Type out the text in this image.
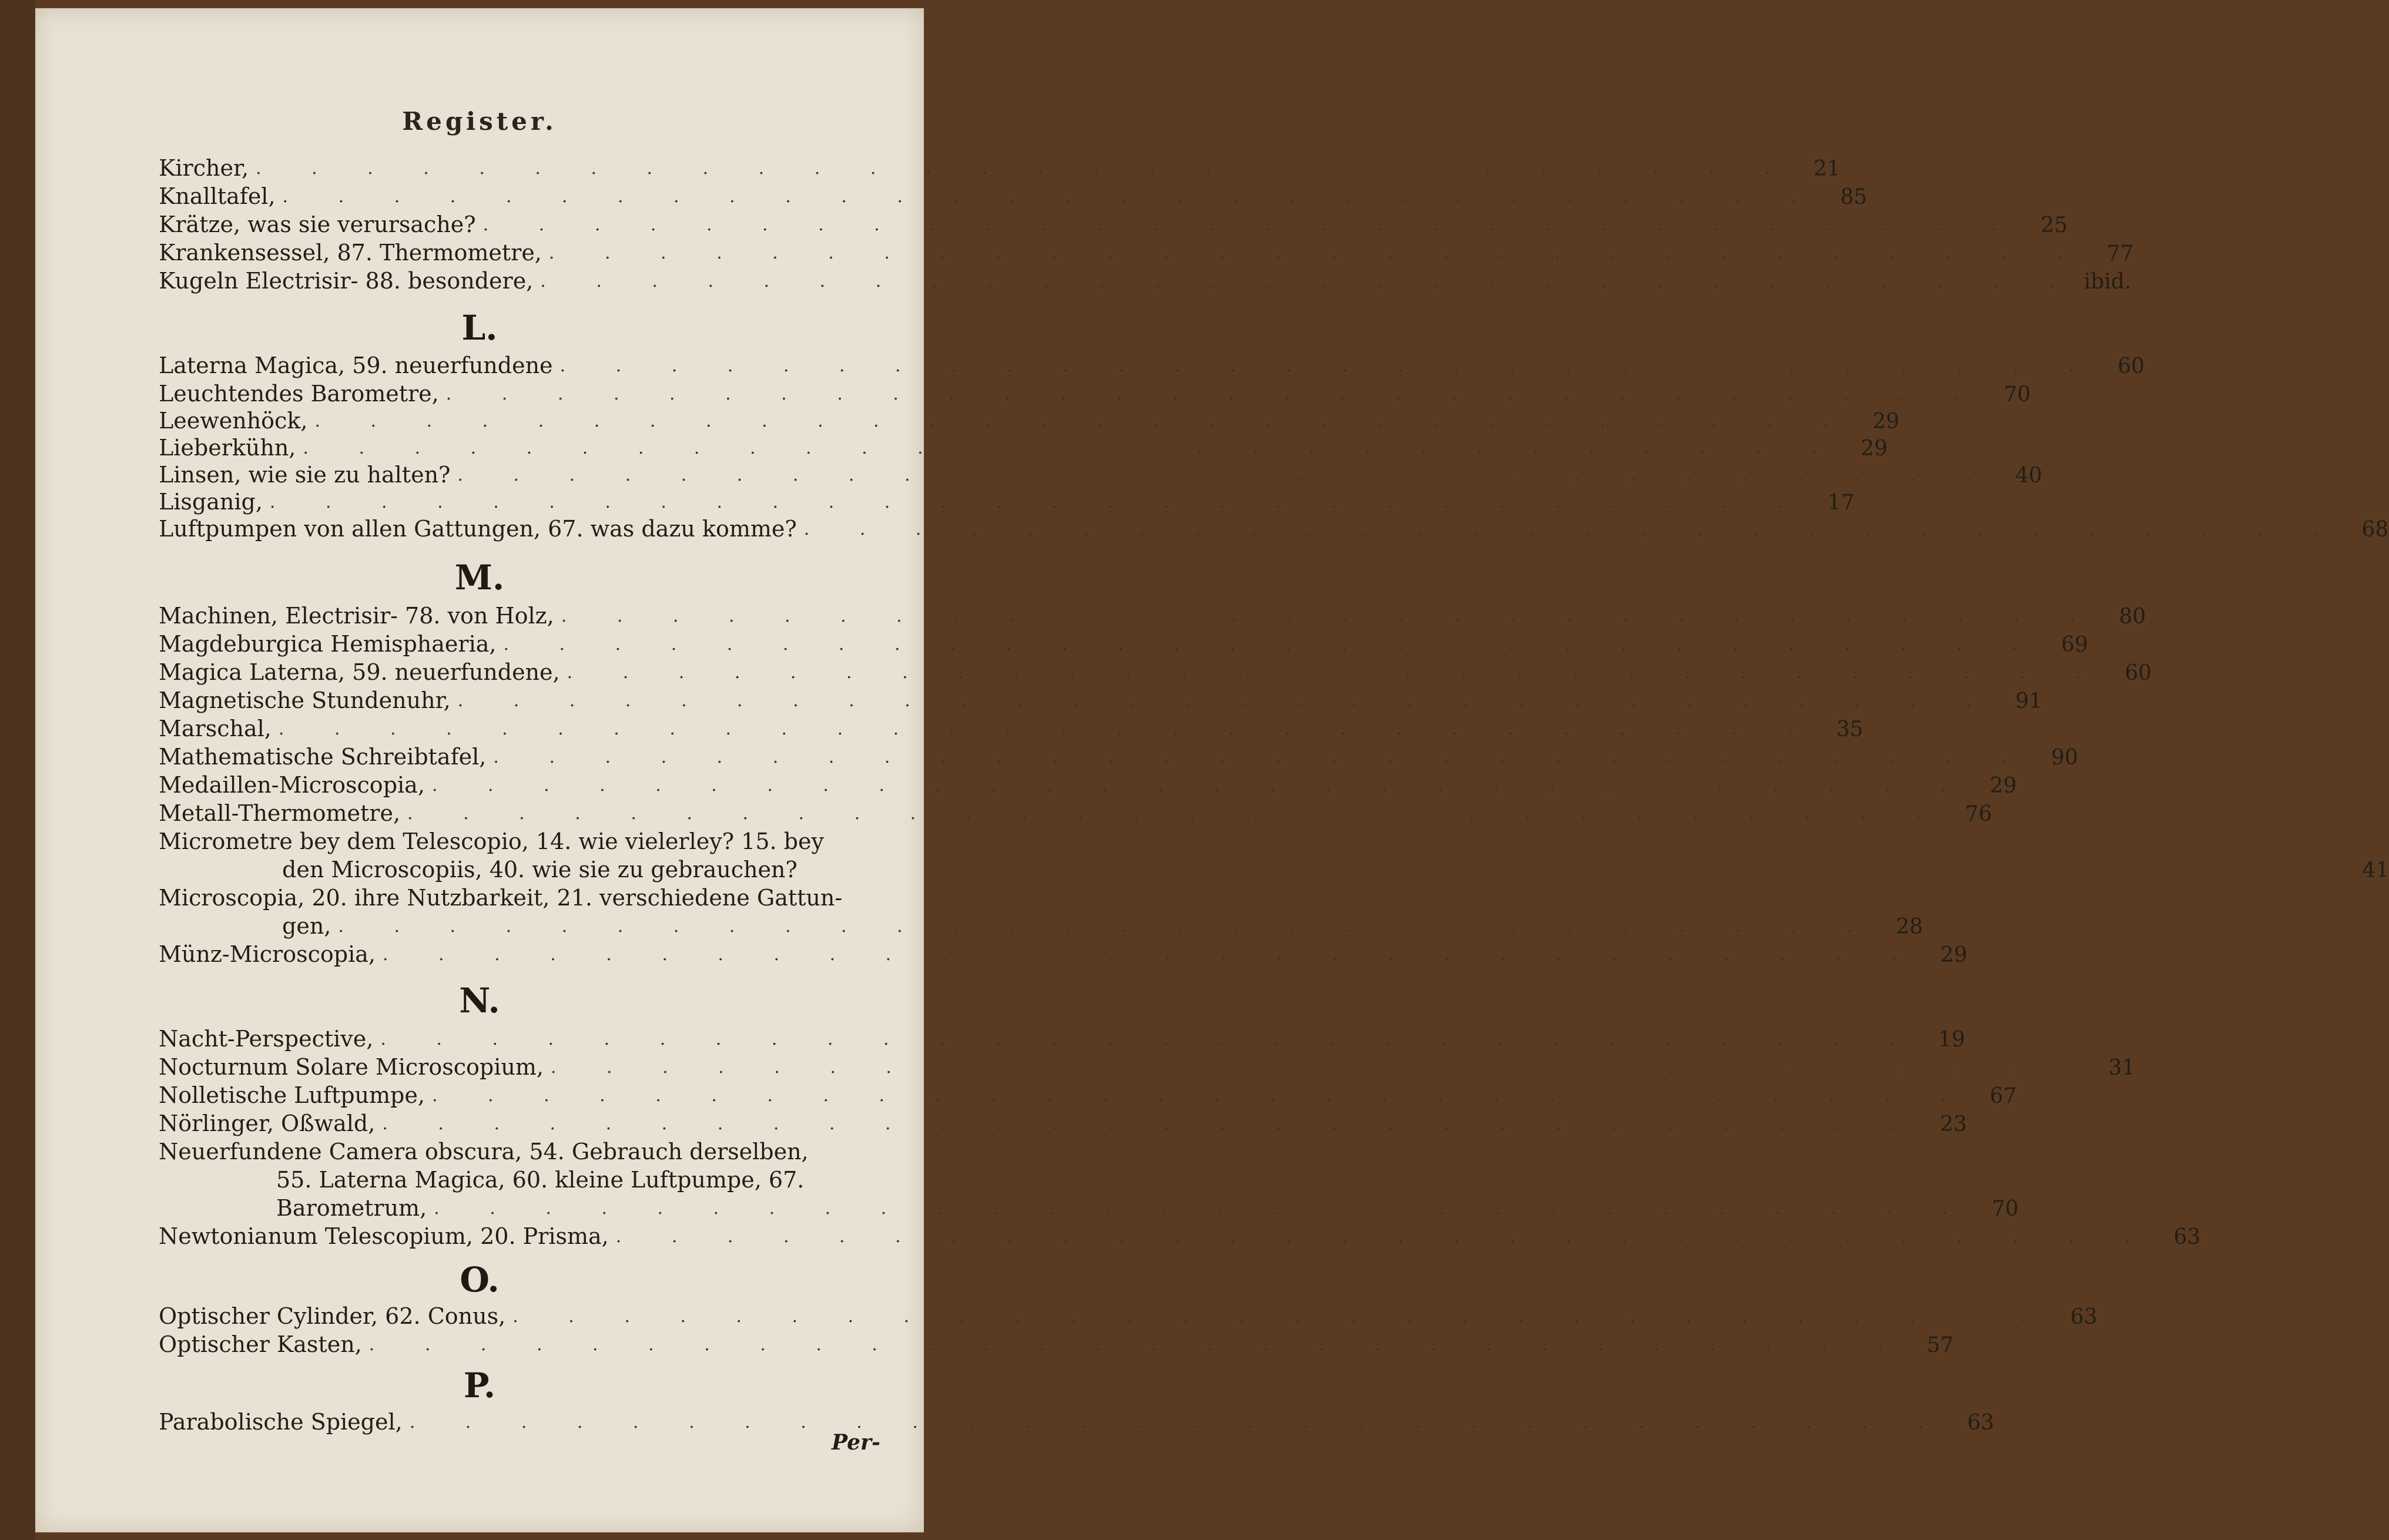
Register.
Kircher, . . .	21
Knalltafel, . . .	85
Krätze, was sie verursache? . . .	25
Krankensessel, 87. Thermometre, . . .	77
Kugeln Electrisir- 88. besondere, . . .	ibid.
L.
Laterna Magica, 59. neuerfundene . . .	60
Leuchtendes Barometre, . . .	70
Leewenhöck, . . .	29
Lieberkühn, . . .	29
Linsen, wie sie zu halten? . . .	40
Lisganig, . . .	17
Luftpumpen von allen Gattungen, 67. was dazu komme? . . .	68
M.
Machinen, Electrisir- 78. von Holz, . . .	80
Magdeburgica Hemisphaeria, . . .	69
Magica Laterna, 59. neuerfundene, . . .	60
Magnetische Stundenuhr, . . .	91
Marschal, . . .	35
Mathematische Schreibtafel, . . .	90
Medaillen-Microscopia, . . .	29
Metall-Thermometre, . . .	76
Micrometre bey dem Telescopio, 14. wie vielerley? 15. bey
den Microscopiis, 40. wie sie zu gebrauchen?	41
Microscopia, 20. ihre Nutzbarkeit, 21. verschiedene Gattun-
gen, . . .	28
Münz-Microscopia, . . .	29
N.
Nacht-Perspective, . . .	19
Nocturnum Solare Microscopium, . . .	31
Nolletische Luftpumpe, . . .	67
Nörlinger, Oßwald, . . .	23
Neuerfundene Camera obscura, 54. Gebrauch derselben,
55. Laterna Magica, 60. kleine Luftpumpe, 67.
Barometrum, . . .	70
Newtonianum Telescopium, 20. Prisma, . . .	63
O.
Optischer Cylinder, 62. Conus, . . .	63
Optischer Kasten, . . .	57
P.
Parabolische Spiegel, . . .	63
Per-
